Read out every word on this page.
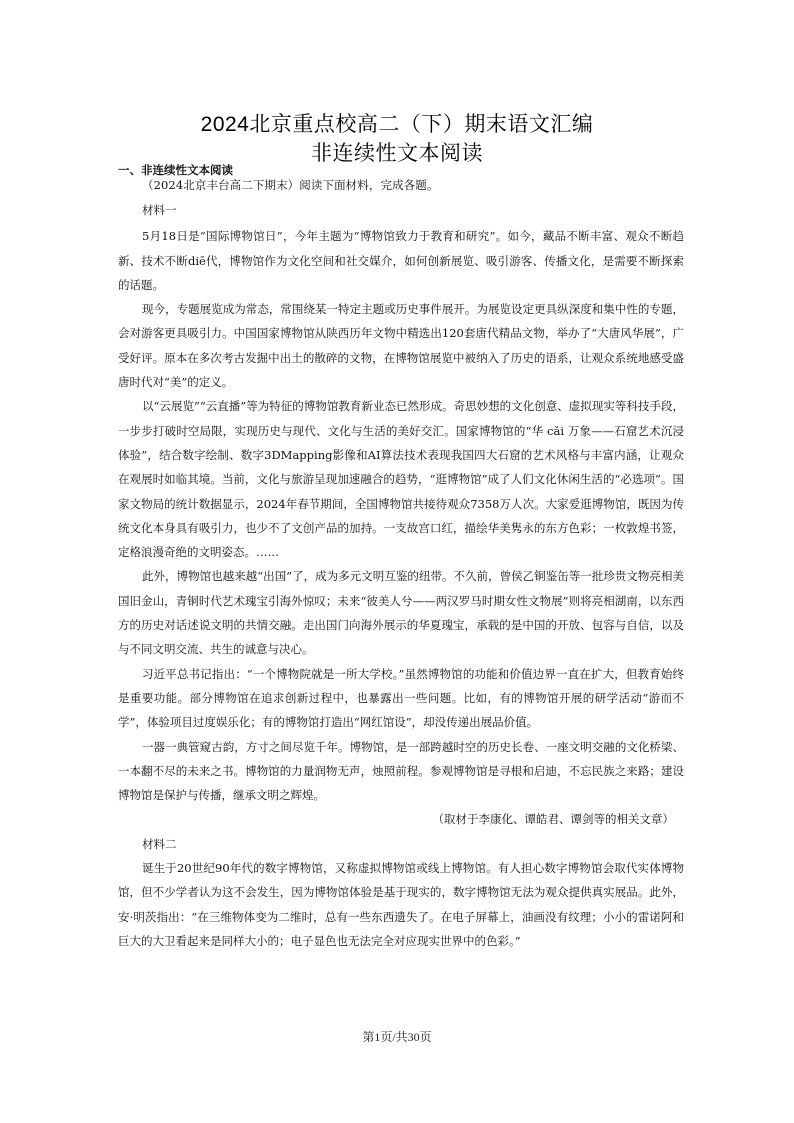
2024北京重点校高二（下）期末语文汇编
非连续性文本阅读
一、非连续性文本阅读
（2024北京丰台高二下期末）阅读下面材料，完成各题。

材料一

5月18日是“国际博物馆日”，今年主题为“博物馆致力于教育和研究”。如今，藏品不断丰富、观众不断趋新、技术不断diē代，博物馆作为文化空间和社交媒介，如何创新展览、吸引游客、传播文化，是需要不断探索的话题。

现今，专题展览成为常态，常围绕某一特定主题或历史事件展开。为展览设定更具纵深度和集中性的专题，会对游客更具吸引力。中国国家博物馆从陕西历年文物中精选出120套唐代精品文物，举办了“大唐风华展”，广受好评。原本在多次考古发掘中出土的散碎的文物，在博物馆展览中被纳入了历史的语系，让观众系统地感受盛唐时代对“美”的定义。

以“云展览”“云直播”等为特征的博物馆教育新业态已然形成。奇思妙想的文化创意、虚拟现实等科技手段，一步步打破时空局限，实现历史与现代、文化与生活的美好交汇。国家博物馆的“华 cǎi 万象——石窟艺术沉浸体验”，结合数字绘制、数字3DMapping影像和AI算法技术表现我国四大石窟的艺术风格与丰富内涵，让观众在观展时如临其境。当前，文化与旅游呈现加速融合的趋势，“逛博物馆”成了人们文化休闲生活的“必选项”。国家文物局的统计数据显示，2024年春节期间，全国博物馆共接待观众7358万人次。大家爱逛博物馆，既因为传统文化本身具有吸引力，也少不了文创产品的加持。一支故宫口红，描绘华美隽永的东方色彩；一枚敦煌书签，定格浪漫奇绝的文明姿态。……

此外，博物馆也越来越“出国”了，成为多元文明互鉴的纽带。不久前，曾侯乙铜鉴缶等一批珍贵文物亮相美国旧金山，青铜时代艺术瑰宝引海外惊叹；未来“彼美人兮——两汉罗马时期女性文物展”则将亮相湖南，以东西方的历史对话述说文明的共情交融。走出国门向海外展示的华夏瑰宝，承载的是中国的开放、包容与自信，以及与不同文明交流、共生的诚意与决心。

习近平总书记指出：“一个博物院就是一所大学校。”虽然博物馆的功能和价值边界一直在扩大，但教育始终是重要功能。部分博物馆在追求创新过程中，也暴露出一些问题。比如，有的博物馆开展的研学活动“游而不学”，体验项目过度娱乐化；有的博物馆打造出“网红馆设”，却没传递出展品价值。

一器一典管窥古韵，方寸之间尽览千年。博物馆，是一部跨越时空的历史长卷、一座文明交融的文化桥梁、一本翻不尽的未来之书。博物馆的力量润物无声，烛照前程。参观博物馆是寻根和启迪，不忘民族之来路；建设博物馆是保护与传播，继承文明之辉煌。

（取材于李康化、谭皓君、谭剑等的相关文章）

材料二

诞生于20世纪90年代的数字博物馆，又称虚拟博物馆或线上博物馆。有人担心数字博物馆会取代实体博物馆，但不少学者认为这不会发生，因为博物馆体验是基于现实的，数字博物馆无法为观众提供真实展品。此外，安·明茨指出：“在三维物体变为二维时，总有一些东西遗失了。在电子屏幕上，油画没有纹理；小小的雷诺阿和巨大的大卫看起来是同样大小的；电子显色也无法完全对应现实世界中的色彩。”

第1页/共30页
